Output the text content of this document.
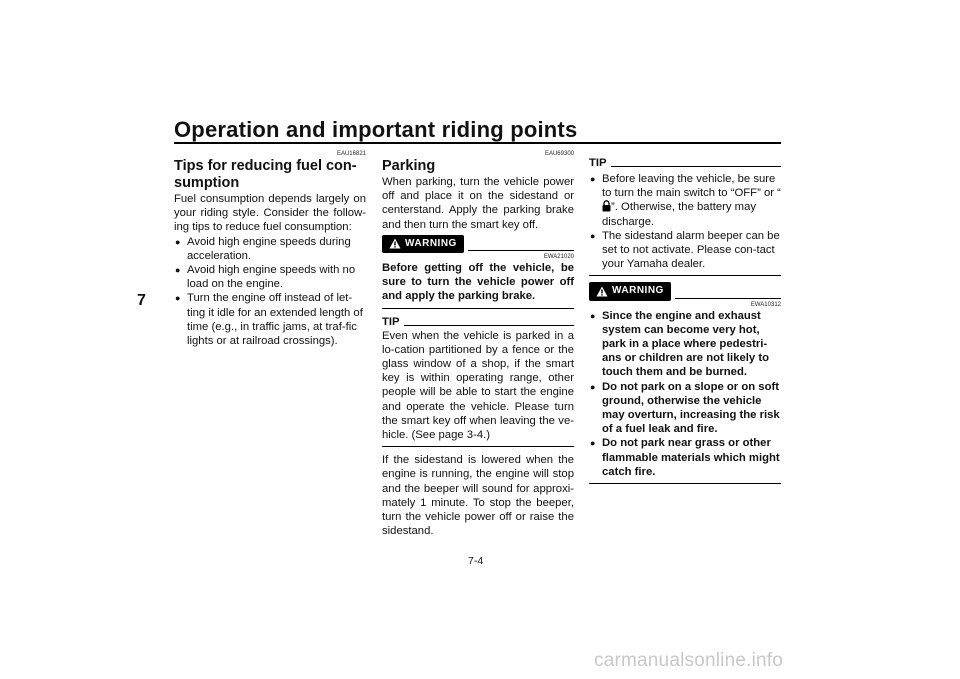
Operation and important riding points
7
EAU16821
Tips for reducing fuel con-sumption

Fuel consumption depends largely on your riding style. Consider the follow-ing tips to reduce fuel consumption:

● Avoid high engine speeds during acceleration.
● Avoid high engine speeds with no load on the engine.
● Turn the engine off instead of let-ting it idle for an extended length of time (e.g., in traffic jams, at traf-fic lights or at railroad crossings).
EAU69300
Parking

When parking, turn the vehicle power off and place it on the sidestand or centerstand. Apply the parking brake and then turn the smart key off.

WARNING
EWA21020

Before getting off the vehicle, be sure to turn the vehicle power off and apply the parking brake.

TIP

Even when the vehicle is parked in a lo-cation partitioned by a fence or the glass window of a shop, if the smart key is within operating range, other people will be able to start the engine and operate the vehicle. Please turn the smart key off when leaving the ve-hicle. (See page 3-4.)

If the sidestand is lowered when the engine is running, the engine will stop and the beeper will sound for approxi-mately 1 minute. To stop the beeper, turn the vehicle power off or raise the sidestand.

TIP
● Before leaving the vehicle, be sure to turn the main switch to “OFF” or “”. Otherwise, the battery may discharge.
● The sidestand alarm beeper can be set to not activate. Please con-tact your Yamaha dealer.
WARNING
EWA10312
● Since the engine and exhaust system can become very hot, park in a place where pedestri-ans or children are not likely to touch them and be burned.
● Do not park on a slope or on soft ground, otherwise the vehicle may overturn, increasing the risk of a fuel leak and fire.
● Do not park near grass or other flammable materials which might catch fire.
7-4
carmanualsonline.info
